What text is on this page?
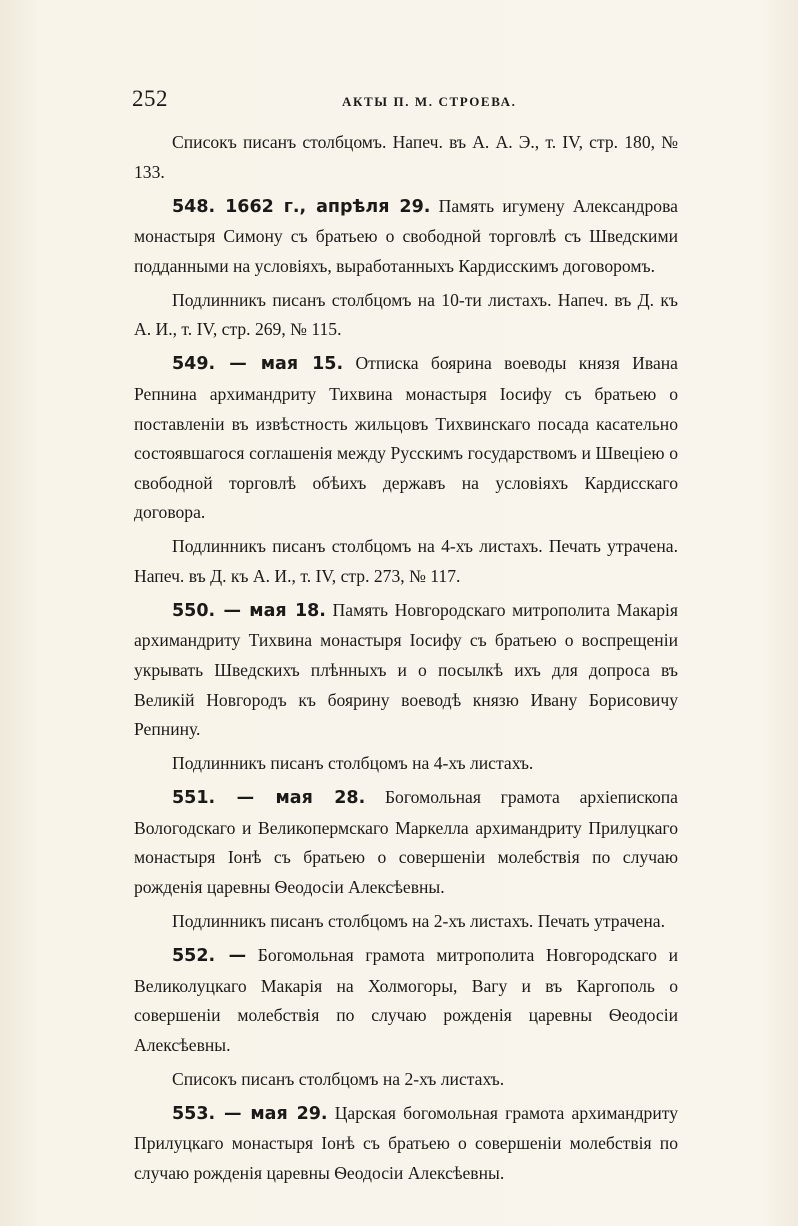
252	АКТЫ П. М. СТРОЕВА.

Списокъ писанъ столбцомъ. Напеч. въ А. А. Э., т. IV, стр. 180, № 133.

548. 1662 г., апрѣля 29. Память игумену Александрова монастыря Симону съ братьею о свободной торговлѣ съ Шведскими подданными на условіяхъ, выработанныхъ Кардисскимъ договоромъ.

Подлинникъ писанъ столбцомъ на 10-ти листахъ. Напеч. въ Д. къ А. И., т. IV, стр. 269, № 115.

549. — мая 15. Отписка боярина воеводы князя Ивана Репнина архимандриту Тихвина монастыря Іосифу съ братьею о поставленіи въ извѣстность жильцовъ Тихвинскаго посада касательно состоявшагося соглашенія между Русскимъ государствомъ и Швеціею о свободной торговлѣ обѣихъ державъ на условіяхъ Кардисскаго договора.

Подлинникъ писанъ столбцомъ на 4-хъ листахъ. Печать утрачена. Напеч. въ Д. къ А. И., т. IV, стр. 273, № 117.

550. — мая 18. Память Новгородскаго митрополита Макарія архимандриту Тихвина монастыря Іосифу съ братьею о воспрещеніи укрывать Шведскихъ плѣнныхъ и о посылкѣ ихъ для допроса въ Великій Новгородъ къ боярину воеводѣ князю Ивану Борисовичу Репнину.

Подлинникъ писанъ столбцомъ на 4-хъ листахъ.

551. — мая 28. Богомольная грамота архіепископа Вологодскаго и Великопермскаго Маркелла архимандриту Прилуцкаго монастыря Іонѣ съ братьею о совершеніи молебствія по случаю рожденія царевны Ѳеодосіи Алексѣевны.

Подлинникъ писанъ столбцомъ на 2-хъ листахъ. Печать утрачена.

552. — Богомольная грамота митрополита Новгородскаго и Великолуцкаго Макарія на Холмогоры, Вагу и въ Каргополь о совершеніи молебствія по случаю рожденія царевны Ѳеодосіи Алексѣевны.

Списокъ писанъ столбцомъ на 2-хъ листахъ.

553. — мая 29. Царская богомольная грамота архимандриту Прилуцкаго монастыря Іонѣ съ братьею о совершеніи молебствія по случаю рожденія царевны Ѳеодосіи Алексѣевны.
